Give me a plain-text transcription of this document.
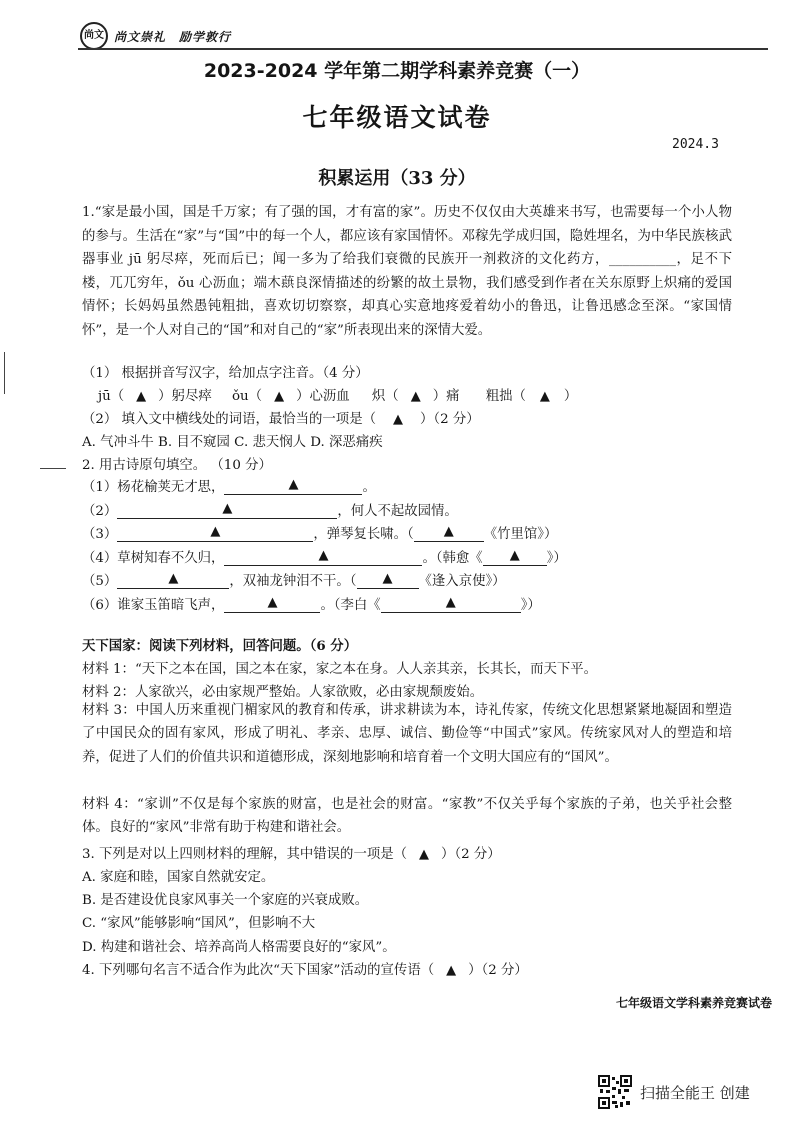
尚文 尚文崇礼　励学敦行
2023-2024 学年第二期学科素养竞赛（一）
七年级语文试卷
2024.3
积累运用（33 分）
1.“家是最小国，国是千万家；有了强的国，才有富的家”。历史不仅仅由大英雄来书写，也需要每一个小人物的参与。生活在“家”与“国”中的每一个人，都应该有家国情怀。邓稼先学成归国，隐姓埋名，为中华民族核武器事业 jū 躬尽瘁，死而后已；闻一多为了给我们衰微的民族开一剂救济的文化药方，__________，足不下楼，兀兀穷年，ǒu 心沥血；端木蕻良深情描述的纷繁的故土景物，我们感受到作者在关东原野上炽痛的爱国情怀；长妈妈虽然愚钝粗拙，喜欢切切察察，却真心实意地疼爱着幼小的鲁迅，让鲁迅感念至深。“家国情怀”，是一个人对自己的“国”和对自己的“家”所表现出来的深情大爱。
（1） 根据拼音写汉字，给加点字注音。（4 分）
jū（ ▲ ）躬尽瘁 ǒu（ ▲ ）心沥血 炽（ ▲ ）痛 粗拙（ ▲ ）
（2） 填入文中横线处的词语，最恰当的一项是（ ▲ ）（2 分）
A. 气冲斗牛 B. 目不窥园 C. 悲天悯人 D. 深恶痛疾
2. 用古诗原句填空。 （10 分）
（1）杨花榆荚无才思，	▲	。
（2）	▲	，何人不起故园情。
（3）	▲	，弹琴复长啸。（ ▲ 《竹里馆》）
（4）草树知春不久归，	▲	。（韩愈《 ▲ 》）
（5）	▲	，双袖龙钟泪不干。（ ▲ 《逢入京使》）
（6）谁家玉笛暗飞声，	▲	。（李白《	▲	》）
天下国家：阅读下列材料，回答问题。（6 分）
材料 1：“天下之本在国，国之本在家，家之本在身。人人亲其亲，长其长，而天下平。
材料 2：人家欲兴，必由家规严整始。人家欲败，必由家规颓废始。
材料 3：中国人历来重视门楣家风的教育和传承，讲求耕读为本，诗礼传家，传统文化思想紧紧地凝固和塑造了中国民众的固有家风，形成了明礼、孝亲、忠厚、诚信、勤俭等“中国式”家风。传统家风对人的塑造和培养，促进了人们的价值共识和道德形成，深刻地影响和培育着一个文明大国应有的“国风”。
材料 4：“家训”不仅是每个家族的财富，也是社会的财富。“家教”不仅关乎每个家族的子弟，也关乎社会整体。良好的“家风”非常有助于构建和谐社会。
3. 下列是对以上四则材料的理解，其中错误的一项是（ ▲ ）（2 分）
A. 家庭和睦，国家自然就安定。
B. 是否建设优良家风事关一个家庭的兴衰成败。
C. “家风”能够影响“国风”，但影响不大
D. 构建和谐社会、培养高尚人格需要良好的“家风”。
4. 下列哪句名言不适合作为此次“天下国家”活动的宣传语（ ▲ ）（2 分）
七年级语文学科素养竞赛试卷
扫描全能王 创建
